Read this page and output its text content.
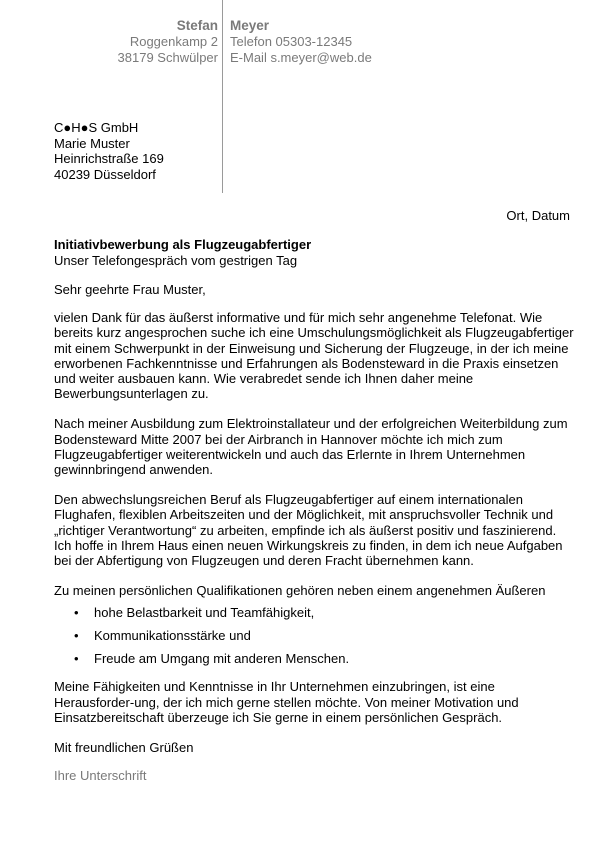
Stefan
Roggenkamp 2
38179 Schwülper
Meyer
Telefon 05303-12345
E-Mail s.meyer@web.de
C●H●S GmbH
Marie Muster
Heinrichstraße 169
40239 Düsseldorf
Ort, Datum
Initiativbewerbung als Flugzeugabfertiger
Unser Telefongespräch vom gestrigen Tag

Sehr geehrte Frau Muster,

vielen Dank für das äußerst informative und für mich sehr angenehme Telefonat. Wie bereits kurz angesprochen suche ich eine Umschulungsmöglichkeit als Flugzeugabfertiger mit einem Schwerpunkt in der Einweisung und Sicherung der Flugzeuge, in der ich meine erworbenen Fachkenntnisse und Erfahrungen als Bodensteward in die Praxis einsetzen und weiter ausbauen kann. Wie verabredet sende ich Ihnen daher meine Bewerbungsunterlagen zu.

Nach meiner Ausbildung zum Elektroinstallateur und der erfolgreichen Weiterbildung zum Bodensteward Mitte 2007 bei der Airbranch in Hannover möchte ich mich zum Flugzeugabfertiger weiterentwickeln und auch das Erlernte in Ihrem Unternehmen gewinnbringend anwenden.

Den abwechslungsreichen Beruf als Flugzeugabfertiger auf einem internationalen Flughafen, flexiblen Arbeitszeiten und der Möglichkeit, mit anspruchsvoller Technik und „richtiger Verantwortung“ zu arbeiten, empfinde ich als äußerst positiv und faszinierend. Ich hoffe in Ihrem Haus einen neuen Wirkungskreis zu finden, in dem ich neue Aufgaben bei der Abfertigung von Flugzeugen und deren Fracht übernehmen kann.

Zu meinen persönlichen Qualifikationen gehören neben einem angenehmen Äußeren

• hohe Belastbarkeit und Teamfähigkeit,
• Kommunikationsstärke und
• Freude am Umgang mit anderen Menschen.

Meine Fähigkeiten und Kenntnisse in Ihr Unternehmen einzubringen, ist eine Herausforder-ung, der ich mich gerne stellen möchte. Von meiner Motivation und Einsatzbereitschaft überzeuge ich Sie gerne in einem persönlichen Gespräch.

Mit freundlichen Grüßen

Ihre Unterschrift
